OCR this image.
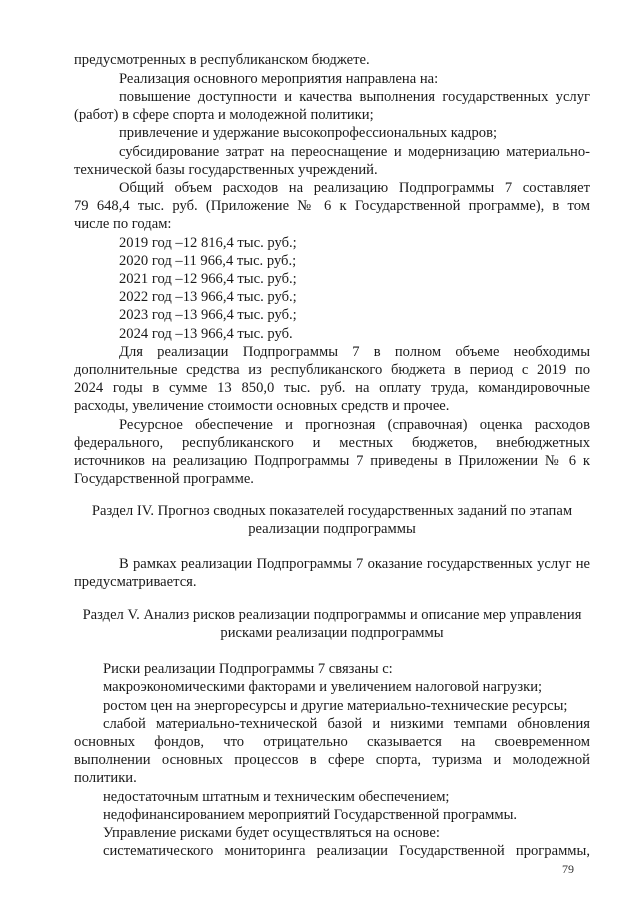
предусмотренных в республиканском бюджете.
Реализация основного мероприятия направлена на:
повышение доступности и качества выполнения государственных услуг
(работ) в сфере спорта и молодежной политики;
привлечение и удержание высокопрофессиональных кадров;
субсидирование затрат на переоснащение и модернизацию материально-
технической базы государственных учреждений.
Общий объем расходов на реализацию Подпрограммы 7 составляет
79 648,4 тыс. руб. (Приложение № 6 к Государственной программе), в том
числе по годам:
2019 год –12 816,4 тыс. руб.;
2020 год –11 966,4 тыс. руб.;
2021 год –12 966,4 тыс. руб.;
2022 год –13 966,4 тыс. руб.;
2023 год –13 966,4 тыс. руб.;
2024 год –13 966,4 тыс. руб.
Для реализации Подпрограммы 7 в полном объеме необходимы
дополнительные средства из республиканского бюджета в период с 2019 по
2024 годы в сумме 13 850,0 тыс. руб. на оплату труда, командировочные
расходы, увеличение стоимости основных средств и прочее.
Ресурсное обеспечение и прогнозная (справочная) оценка расходов
федерального, республиканского и местных бюджетов, внебюджетных
источников на реализацию Подпрограммы 7 приведены в Приложении № 6 к
Государственной программе.
Раздел IV. Прогноз сводных показателей государственных заданий по этапам
реализации подпрограммы
В рамках реализации Подпрограммы 7 оказание государственных услуг не
предусматривается.
Раздел V. Анализ рисков реализации подпрограммы и описание мер управления
рисками реализации подпрограммы
Риски реализации Подпрограммы 7 связаны с:
макроэкономическими факторами и увеличением налоговой нагрузки;
ростом цен на энергоресурсы и другие материально-технические ресурсы;
слабой материально-технической базой и низкими темпами обновления
основных фондов, что отрицательно сказывается на своевременном
выполнении основных процессов в сфере спорта, туризма и молодежной
политики.
недостаточным штатным и техническим обеспечением;
недофинансированием мероприятий Государственной программы.
Управление рисками будет осуществляться на основе:
систематического мониторинга реализации Государственной программы,
79
